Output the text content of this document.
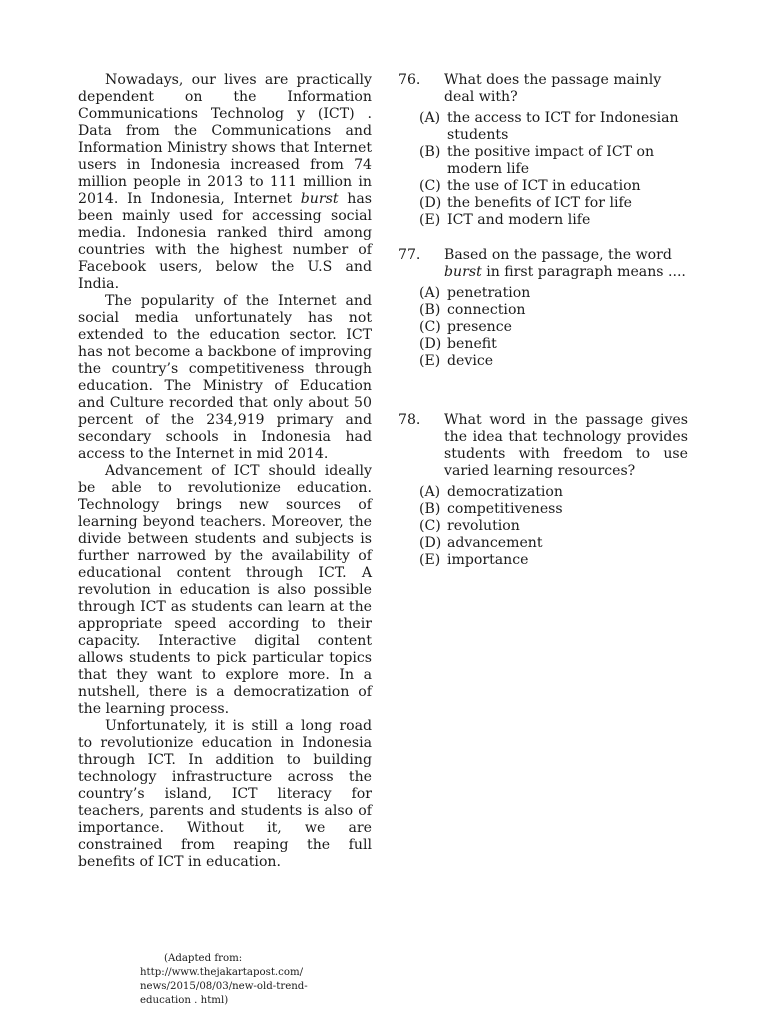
Nowadays, our lives are practically dependent on the Information Communications Technolog y (ICT) . Data from the Communications and Information Ministry shows that Internet users in Indonesia increased from 74 million people in 2013 to 111 million in 2014. In Indonesia, Internet burst has been mainly used for accessing social media. Indonesia ranked third among countries with the highest number of Facebook users, below the U.S and India.

The popularity of the Internet and social media unfortunately has not extended to the education sector. ICT has not become a backbone of improving the country’s competitiveness through education. The Ministry of Education and Culture recorded that only about 50 percent of the 234,919 primary and secondary schools in Indonesia had access to the Internet in mid 2014.

Advancement of ICT should ideally be able to revolutionize education. Technology brings new sources of learning beyond teachers. Moreover, the divide between students and subjects is further narrowed by the availability of educational content through ICT. A revolution in education is also possible through ICT as students can learn at the appropriate speed according to their capacity. Interactive digital content allows students to pick particular topics that they want to explore more. In a nutshell, there is a democratization of the learning process.

Unfortunately, it is still a long road to revolutionize education in Indonesia through ICT. In addition to building technology infrastructure across the country’s island, ICT literacy for teachers, parents and students is also of importance. Without it, we are constrained from reaping the full benefits of ICT in education.

(Adapted from:
http://www.thejakartapost.com/
news/2015/08/03/new-old-trend-
education . html)
76.	What does the passage mainly deal with?
(A) the access to ICT for Indonesian students
(B) the positive impact of ICT on modern life
(C) the use of ICT in education
(D) the benefits of ICT for life
(E) ICT and modern life
77.	Based on the passage, the word burst in first paragraph means ....
(A) penetration
(B) connection
(C) presence
(D) benefit
(E) device
78.	What word in the passage gives the idea that technology provides students with freedom to use varied learning resources?
(A) democratization
(B) competitiveness
(C) revolution
(D) advancement
(E) importance
